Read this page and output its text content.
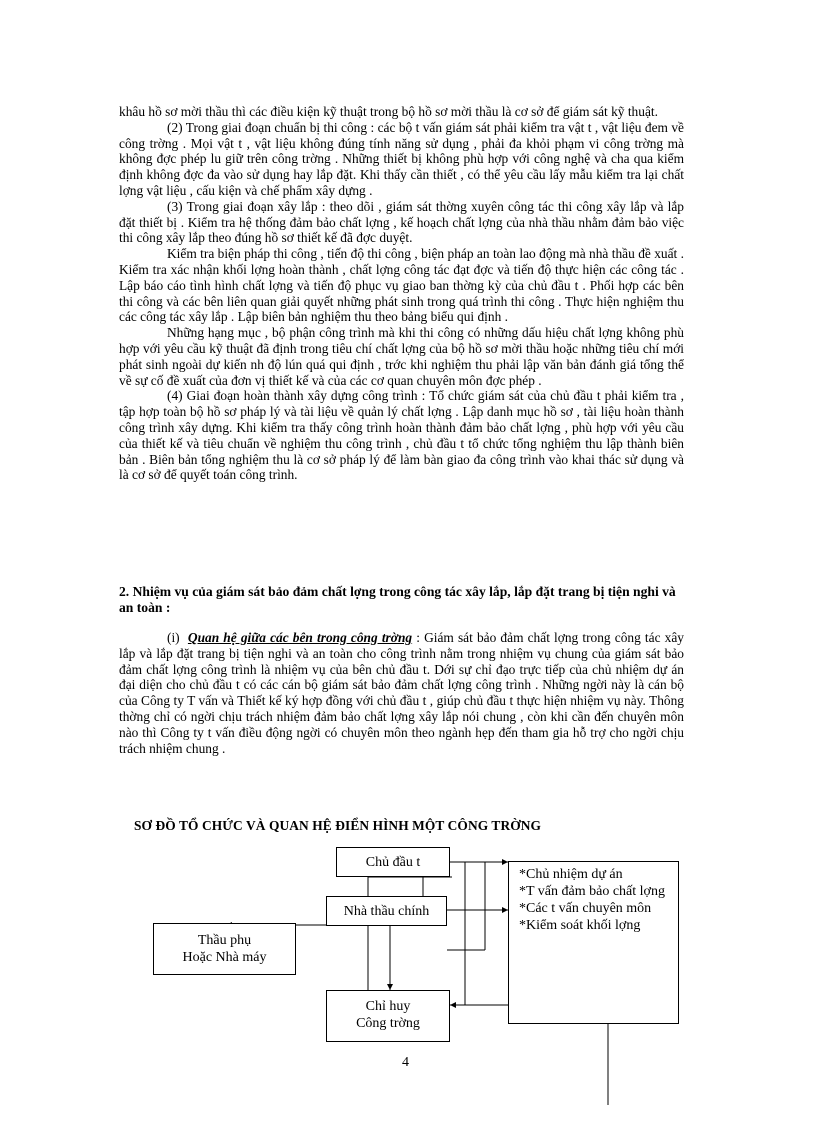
khâu hồ sơ mời thầu thì các điều kiện kỹ thuật trong bộ hồ sơ mời thầu là cơ sở để giám sát kỹ thuật.

(2) Trong giai đoạn chuẩn bị thi công : các bộ t vấn giám sát phải kiểm tra vật t , vật liệu đem về công trờng . Mọi vật t , vật liệu không đúng tính năng sử dụng , phải đa khỏi phạm vi công trờng mà không đợc phép lu giữ trên công trờng . Những thiết bị không phù hợp với công nghệ và cha qua kiểm định không đợc đa vào sử dụng hay lắp đặt. Khi thấy cần thiết , có thể yêu cầu lấy mẫu kiểm tra lại chất lợng vật liệu , cấu kiện và chế phẩm xây dựng .

(3) Trong giai đoạn xây lắp : theo dõi , giám sát thờng xuyên công tác thi công xây lắp và lắp đặt thiết bị . Kiểm tra hệ thống đảm bảo chất lợng , kế hoạch chất lợng của nhà thầu nhằm đảm bảo việc thi công xây lắp theo đúng hồ sơ thiết kế đã đợc duyệt.

Kiểm tra biện pháp thi công , tiến độ thi công , biện pháp an toàn lao động mà nhà thầu đề xuất . Kiểm tra xác nhận khối lợng hoàn thành , chất lợng công tác đạt đợc và tiến độ thực hiện các công tác . Lập báo cáo tình hình chất lợng và tiến độ phục vụ giao ban thờng kỳ của chủ đầu t . Phối hợp các bên thi công và các bên liên quan giải quyết những phát sinh trong quá trình thi công . Thực hiện nghiệm thu các công tác xây lắp . Lập biên bản nghiệm thu theo bảng biểu qui định .

Những hạng mục , bộ phận công trình mà khi thi công có những dấu hiệu chất lợng không phù hợp với yêu cầu kỹ thuật đã định trong tiêu chí chất lợng của bộ hồ sơ mời thầu hoặc những tiêu chí mới phát sinh ngoài dự kiến nh độ lún quá qui định , trớc khi nghiệm thu phải lập văn bản đánh giá tổng thể về sự cố đề xuất của đơn vị thiết kế và của các cơ quan chuyên môn đợc phép .

(4) Giai đoạn hoàn thành xây dựng công trình : Tổ chức giám sát của chủ đầu t phải kiểm tra , tập hợp toàn bộ hồ sơ pháp lý và tài liệu về quản lý chất lợng . Lập danh mục hồ sơ , tài liệu hoàn thành công trình xây dựng. Khi kiểm tra thấy công trình hoàn thành đảm bảo chất lợng , phù hợp với yêu cầu của thiết kế và tiêu chuẩn về nghiệm thu công trình , chủ đầu t tổ chức tổng nghiệm thu lập thành biên bản . Biên bản tổng nghiệm thu là cơ sở pháp lý để làm bàn giao đa công trình vào khai thác sử dụng và là cơ sở để quyết toán công trình.

2. Nhiệm vụ của giám sát bảo đảm chất lợng trong công tác xây lắp, lắp đặt trang bị tiện nghi và an toàn :
(i) Quan hệ giữa các bên trong công trờng : Giám sát bảo đảm chất lợng trong công tác xây lắp và lắp đặt trang bị tiện nghi và an toàn cho công trình nằm trong nhiệm vụ chung của giám sát bảo đảm chất lợng công trình là nhiệm vụ của bên chủ đầu t. Dới sự chỉ đạo trực tiếp của chủ nhiệm dự án đại diện cho chủ đầu t có các cán bộ giám sát bảo đảm chất lợng công trình . Những ngời này là cán bộ của Công ty T vấn và Thiết kế ký hợp đồng với chủ đầu t , giúp chủ đầu t thực hiện nhiệm vụ này. Thông thờng chỉ có ngời chịu trách nhiệm đảm bảo chất lợng xây lắp nói chung , còn khi cần đến chuyên môn nào thì Công ty t vấn điều động ngời có chuyên môn theo ngành hẹp đến tham gia hỗ trợ cho ngời chịu trách nhiệm chung .
SƠ ĐỒ TỔ CHỨC VÀ QUAN HỆ ĐIỂN HÌNH MỘT CÔNG TRỜNG
Chủ đầu t
Nhà thầu chính
Thầu phụ
Hoặc Nhà máy
Chỉ huy
Công trờng
*Chủ nhiệm dự án
*T vấn đảm bảo chất lợng
*Các t vấn chuyên môn
*Kiểm soát khối lợng
4
